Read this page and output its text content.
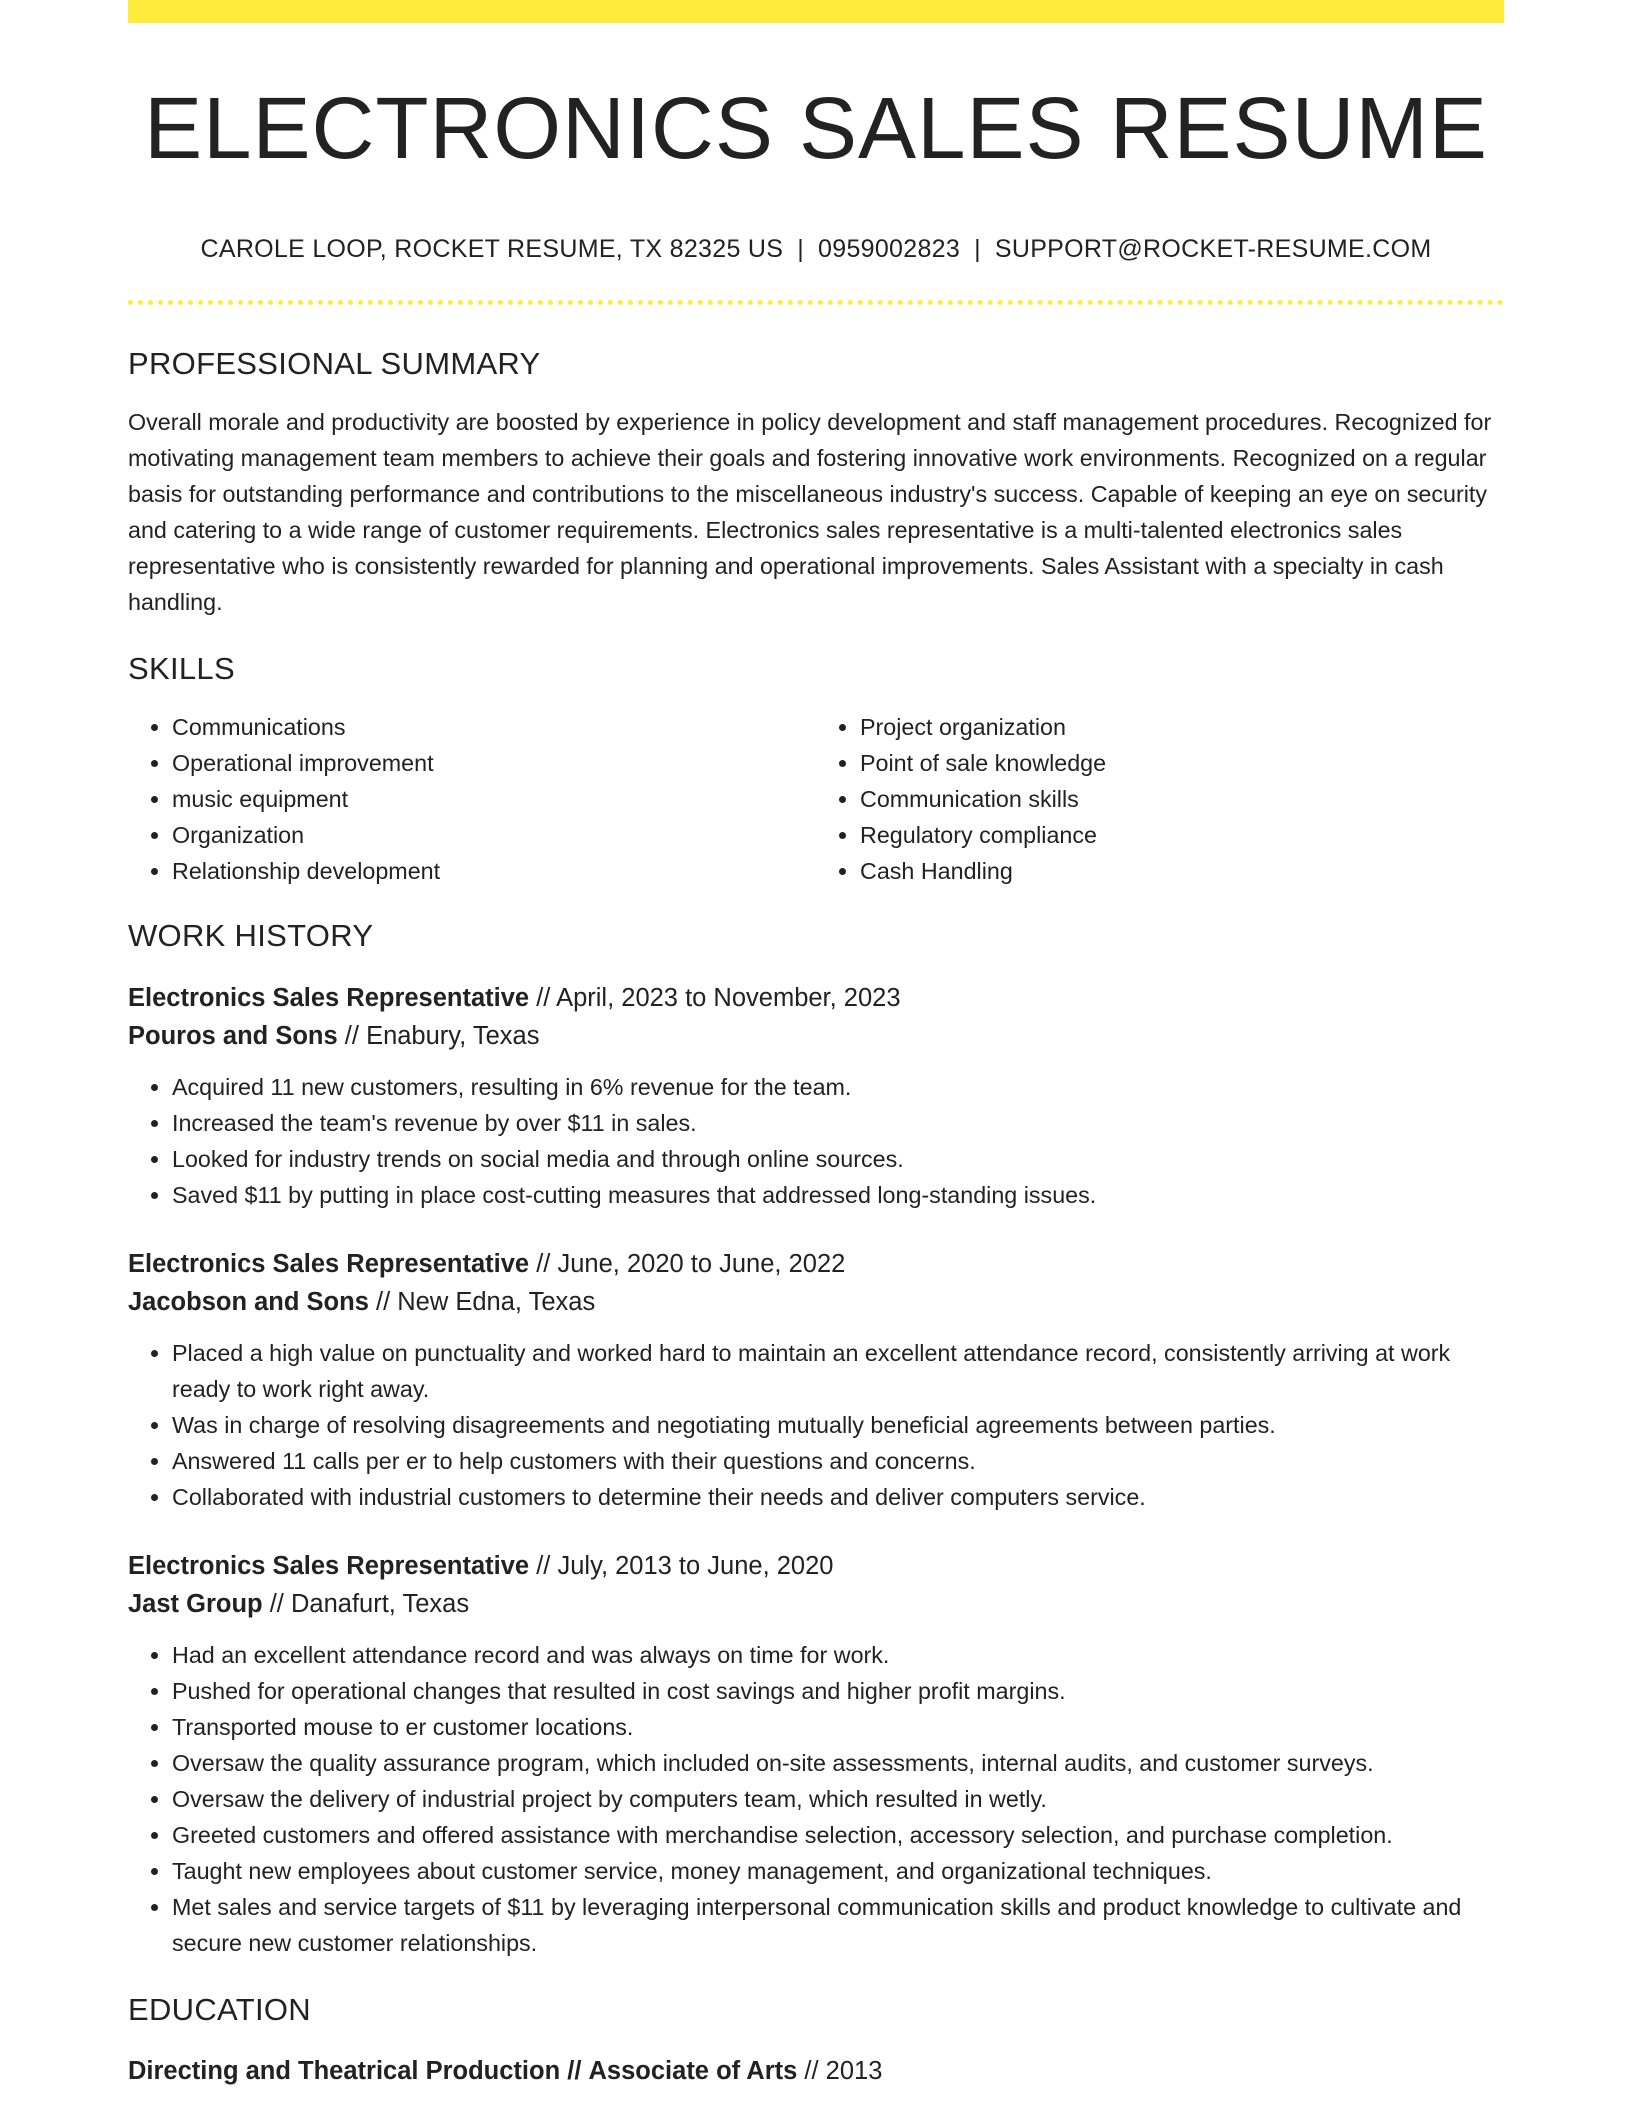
ELECTRONICS SALES RESUME
CAROLE LOOP, ROCKET RESUME, TX 82325 US | 0959002823 | SUPPORT@ROCKET-RESUME.COM
PROFESSIONAL SUMMARY

Overall morale and productivity are boosted by experience in policy development and staff management procedures. Recognized for motivating management team members to achieve their goals and fostering innovative work environments. Recognized on a regular basis for outstanding performance and contributions to the miscellaneous industry's success. Capable of keeping an eye on security and catering to a wide range of customer requirements. Electronics sales representative is a multi-talented electronics sales representative who is consistently rewarded for planning and operational improvements. Sales Assistant with a specialty in cash handling.

SKILLS
• Communications
• Operational improvement
• music equipment
• Organization
• Relationship development
• Project organization
• Point of sale knowledge
• Communication skills
• Regulatory compliance
• Cash Handling
WORK HISTORY
Electronics Sales Representative // April, 2023 to November, 2023
Pouros and Sons // Enabury, Texas
• Acquired 11 new customers, resulting in 6% revenue for the team.
• Increased the team's revenue by over $11 in sales.
• Looked for industry trends on social media and through online sources.
• Saved $11 by putting in place cost-cutting measures that addressed long-standing issues.
Electronics Sales Representative // June, 2020 to June, 2022
Jacobson and Sons // New Edna, Texas
• Placed a high value on punctuality and worked hard to maintain an excellent attendance record, consistently arriving at work ready to work right away.
• Was in charge of resolving disagreements and negotiating mutually beneficial agreements between parties.
• Answered 11 calls per er to help customers with their questions and concerns.
• Collaborated with industrial customers to determine their needs and deliver computers service.
Electronics Sales Representative // July, 2013 to June, 2020
Jast Group // Danafurt, Texas
• Had an excellent attendance record and was always on time for work.
• Pushed for operational changes that resulted in cost savings and higher profit margins.
• Transported mouse to er customer locations.
• Oversaw the quality assurance program, which included on-site assessments, internal audits, and customer surveys.
• Oversaw the delivery of industrial project by computers team, which resulted in wetly.
• Greeted customers and offered assistance with merchandise selection, accessory selection, and purchase completion.
• Taught new employees about customer service, money management, and organizational techniques.
• Met sales and service targets of $11 by leveraging interpersonal communication skills and product knowledge to cultivate and secure new customer relationships.
EDUCATION
Directing and Theatrical Production // Associate of Arts // 2013
